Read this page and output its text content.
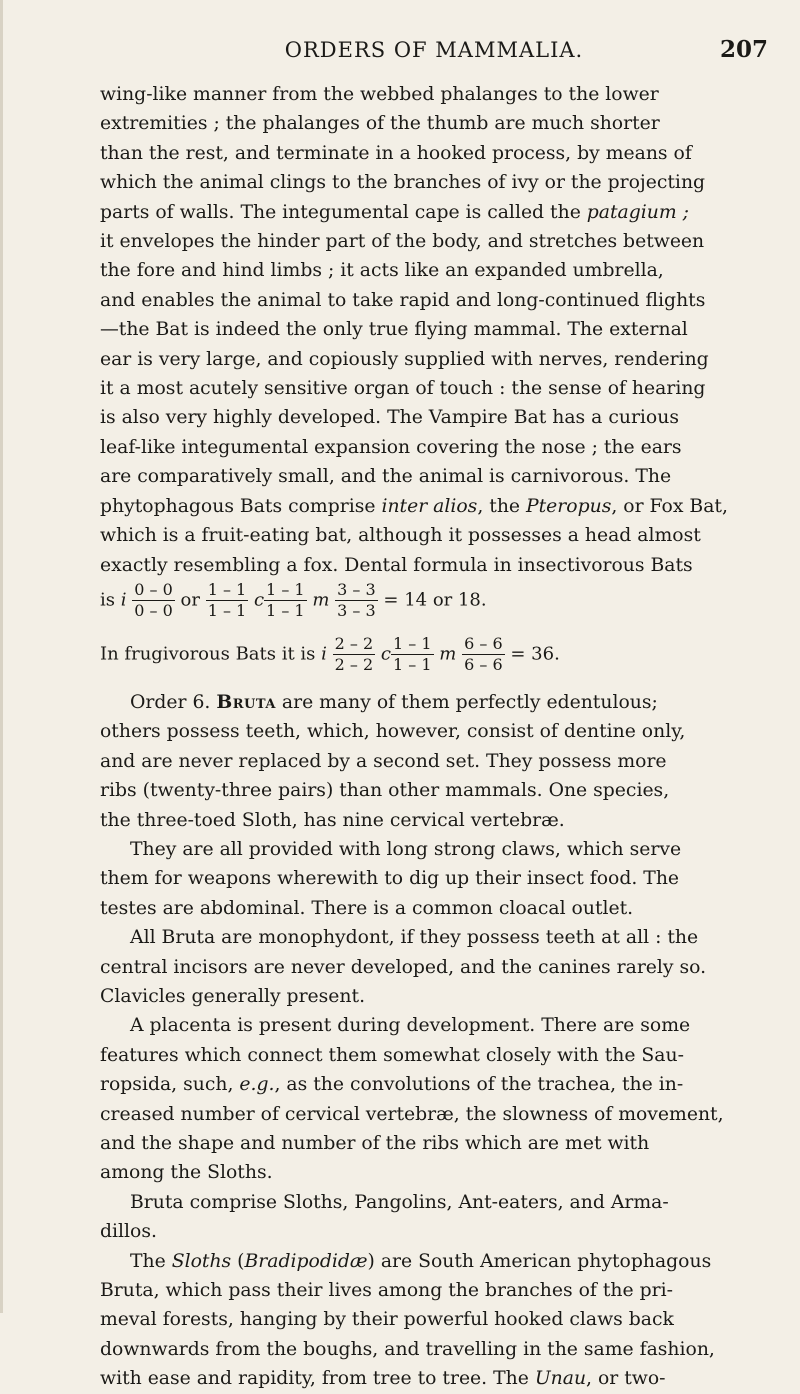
ORDERS OF MAMMALIA.	207

wing-like manner from the webbed phalanges to the lower
extremities ; the phalanges of the thumb are much shorter
than the rest, and terminate in a hooked process, by means of
which the animal clings to the branches of ivy or the projecting
parts of walls. The integumental cape is called the patagium ;
it envelopes the hinder part of the body, and stretches between
the fore and hind limbs ; it acts like an expanded umbrella,
and enables the animal to take rapid and long-continued flights
—the Bat is indeed the only true flying mammal. The external
ear is very large, and copiously supplied with nerves, rendering
it a most acutely sensitive organ of touch : the sense of hearing
is also very highly developed. The Vampire Bat has a curious
leaf-like integumental expansion covering the nose ; the ears
are comparatively small, and the animal is carnivorous. The
phytophagous Bats comprise inter alios, the Pteropus, or Fox Bat,
which is a fruit-eating bat, although it possesses a head almost
exactly resembling a fox. Dental formula in insectivorous Bats

is i $\frac{0 - 0}{0 - 0}$ or $\frac{1 - 1}{1 - 1}$ c $\frac{1 - 1}{1 - 1}$ m $\frac{3 - 3}{3 - 3} = 14$ or 18.
In frugivorous Bats it is i $\frac{2 - 2}{2 - 2}$ c $\frac{1 - 1}{1 - 1}$ m $\frac{6 - 6}{6 - 6} = 36$.

Order 6. Bruta are many of them perfectly edentulous;
others possess teeth, which, however, consist of dentine only,
and are never replaced by a second set. They possess more
ribs (twenty-three pairs) than other mammals. One species,
the three-toed Sloth, has nine cervical vertebræ.

They are all provided with long strong claws, which serve
them for weapons wherewith to dig up their insect food. The
testes are abdominal. There is a common cloacal outlet.

All Bruta are monophydont, if they possess teeth at all : the
central incisors are never developed, and the canines rarely so.
Clavicles generally present.

A placenta is present during development. There are some
features which connect them somewhat closely with the Sau-
ropsida, such, e.g., as the convolutions of the trachea, the in-
creased number of cervical vertebræ, the slowness of movement,
and the shape and number of the ribs which are met with
among the Sloths.

Bruta comprise Sloths, Pangolins, Ant-eaters, and Arma-
dillos.

The Sloths (Bradipodidæ) are South American phytophagous
Bruta, which pass their lives among the branches of the pri-
meval forests, hanging by their powerful hooked claws back
downwards from the boughs, and travelling in the same fashion,
with ease and rapidity, from tree to tree. The Unau, or two-
